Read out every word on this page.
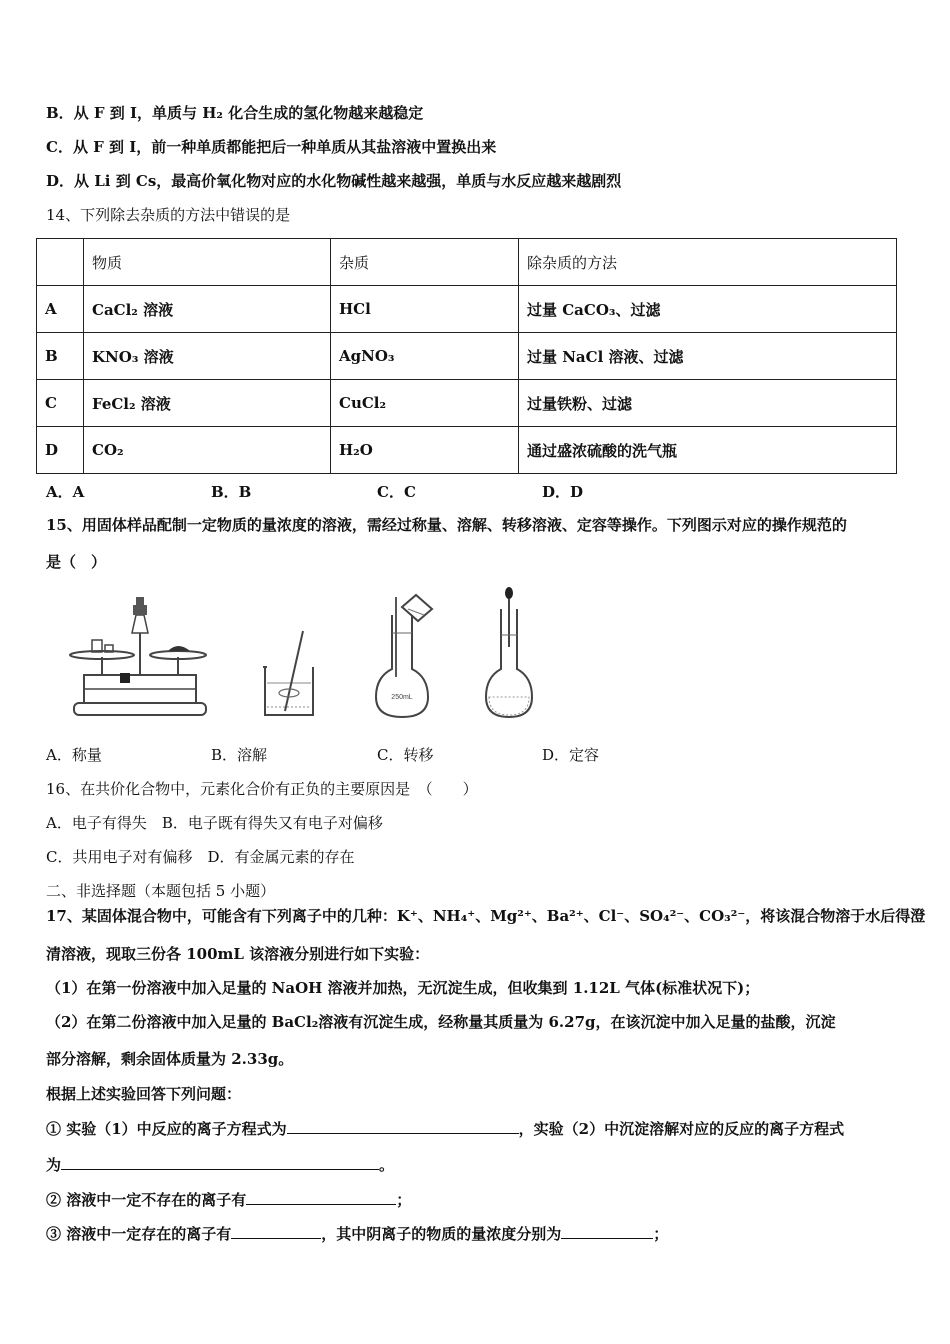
B．从 F 到 I，单质与 H₂ 化合生成的氢化物越来越稳定
C．从 F 到 I，前一种单质都能把后一种单质从其盐溶液中置换出来
D．从 Li 到 Cs，最高价氧化物对应的水化物碱性越来越强，单质与水反应越来越剧烈
14、下列除去杂质的方法中错误的是
	物质	杂质	除杂质的方法
A	CaCl₂ 溶液	HCl	过量 CaCO₃、过滤
B	KNO₃ 溶液	AgNO₃	过量 NaCl 溶液、过滤
C	FeCl₂ 溶液	CuCl₂	过量铁粉、过滤
D	CO₂	H₂O	通过盛浓硫酸的洗气瓶
A．A	B．B	C．C	D．D
15、用固体样品配制一定物质的量浓度的溶液，需经过称量、溶解、转移溶液、定容等操作。下列图示对应的操作规范的
是（　）
250mL
A．称量	B．溶解	C．转移	D．定容
16、在共价化合物中，元素化合价有正负的主要原因是　（　　）
A．电子有得失　B．电子既有得失又有电子对偏移
C．共用电子对有偏移　D．有金属元素的存在
二、非选择题（本题包括 5 小题）
17、某固体混合物中，可能含有下列离子中的几种：K⁺、NH₄⁺、Mg²⁺、Ba²⁺、Cl⁻、SO₄²⁻、CO₃²⁻，将该混合物溶于水后得澄
清溶液，现取三份各 100mL 该溶液分别进行如下实验：
（1）在第一份溶液中加入足量的 NaOH 溶液并加热，无沉淀生成，但收集到 1.12L 气体(标准状况下)；
（2）在第二份溶液中加入足量的 BaCl₂溶液有沉淀生成，经称量其质量为 6.27g，在该沉淀中加入足量的盐酸，沉淀
部分溶解，剩余固体质量为 2.33g。
根据上述实验回答下列问题：
① 实验（1）中反应的离子方程式为	，实验（2）中沉淀溶解对应的反应的离子方程式
为	。
② 溶液中一定不存在的离子有	；
③ 溶液中一定存在的离子有	，其中阴离子的物质的量浓度分别为	；
